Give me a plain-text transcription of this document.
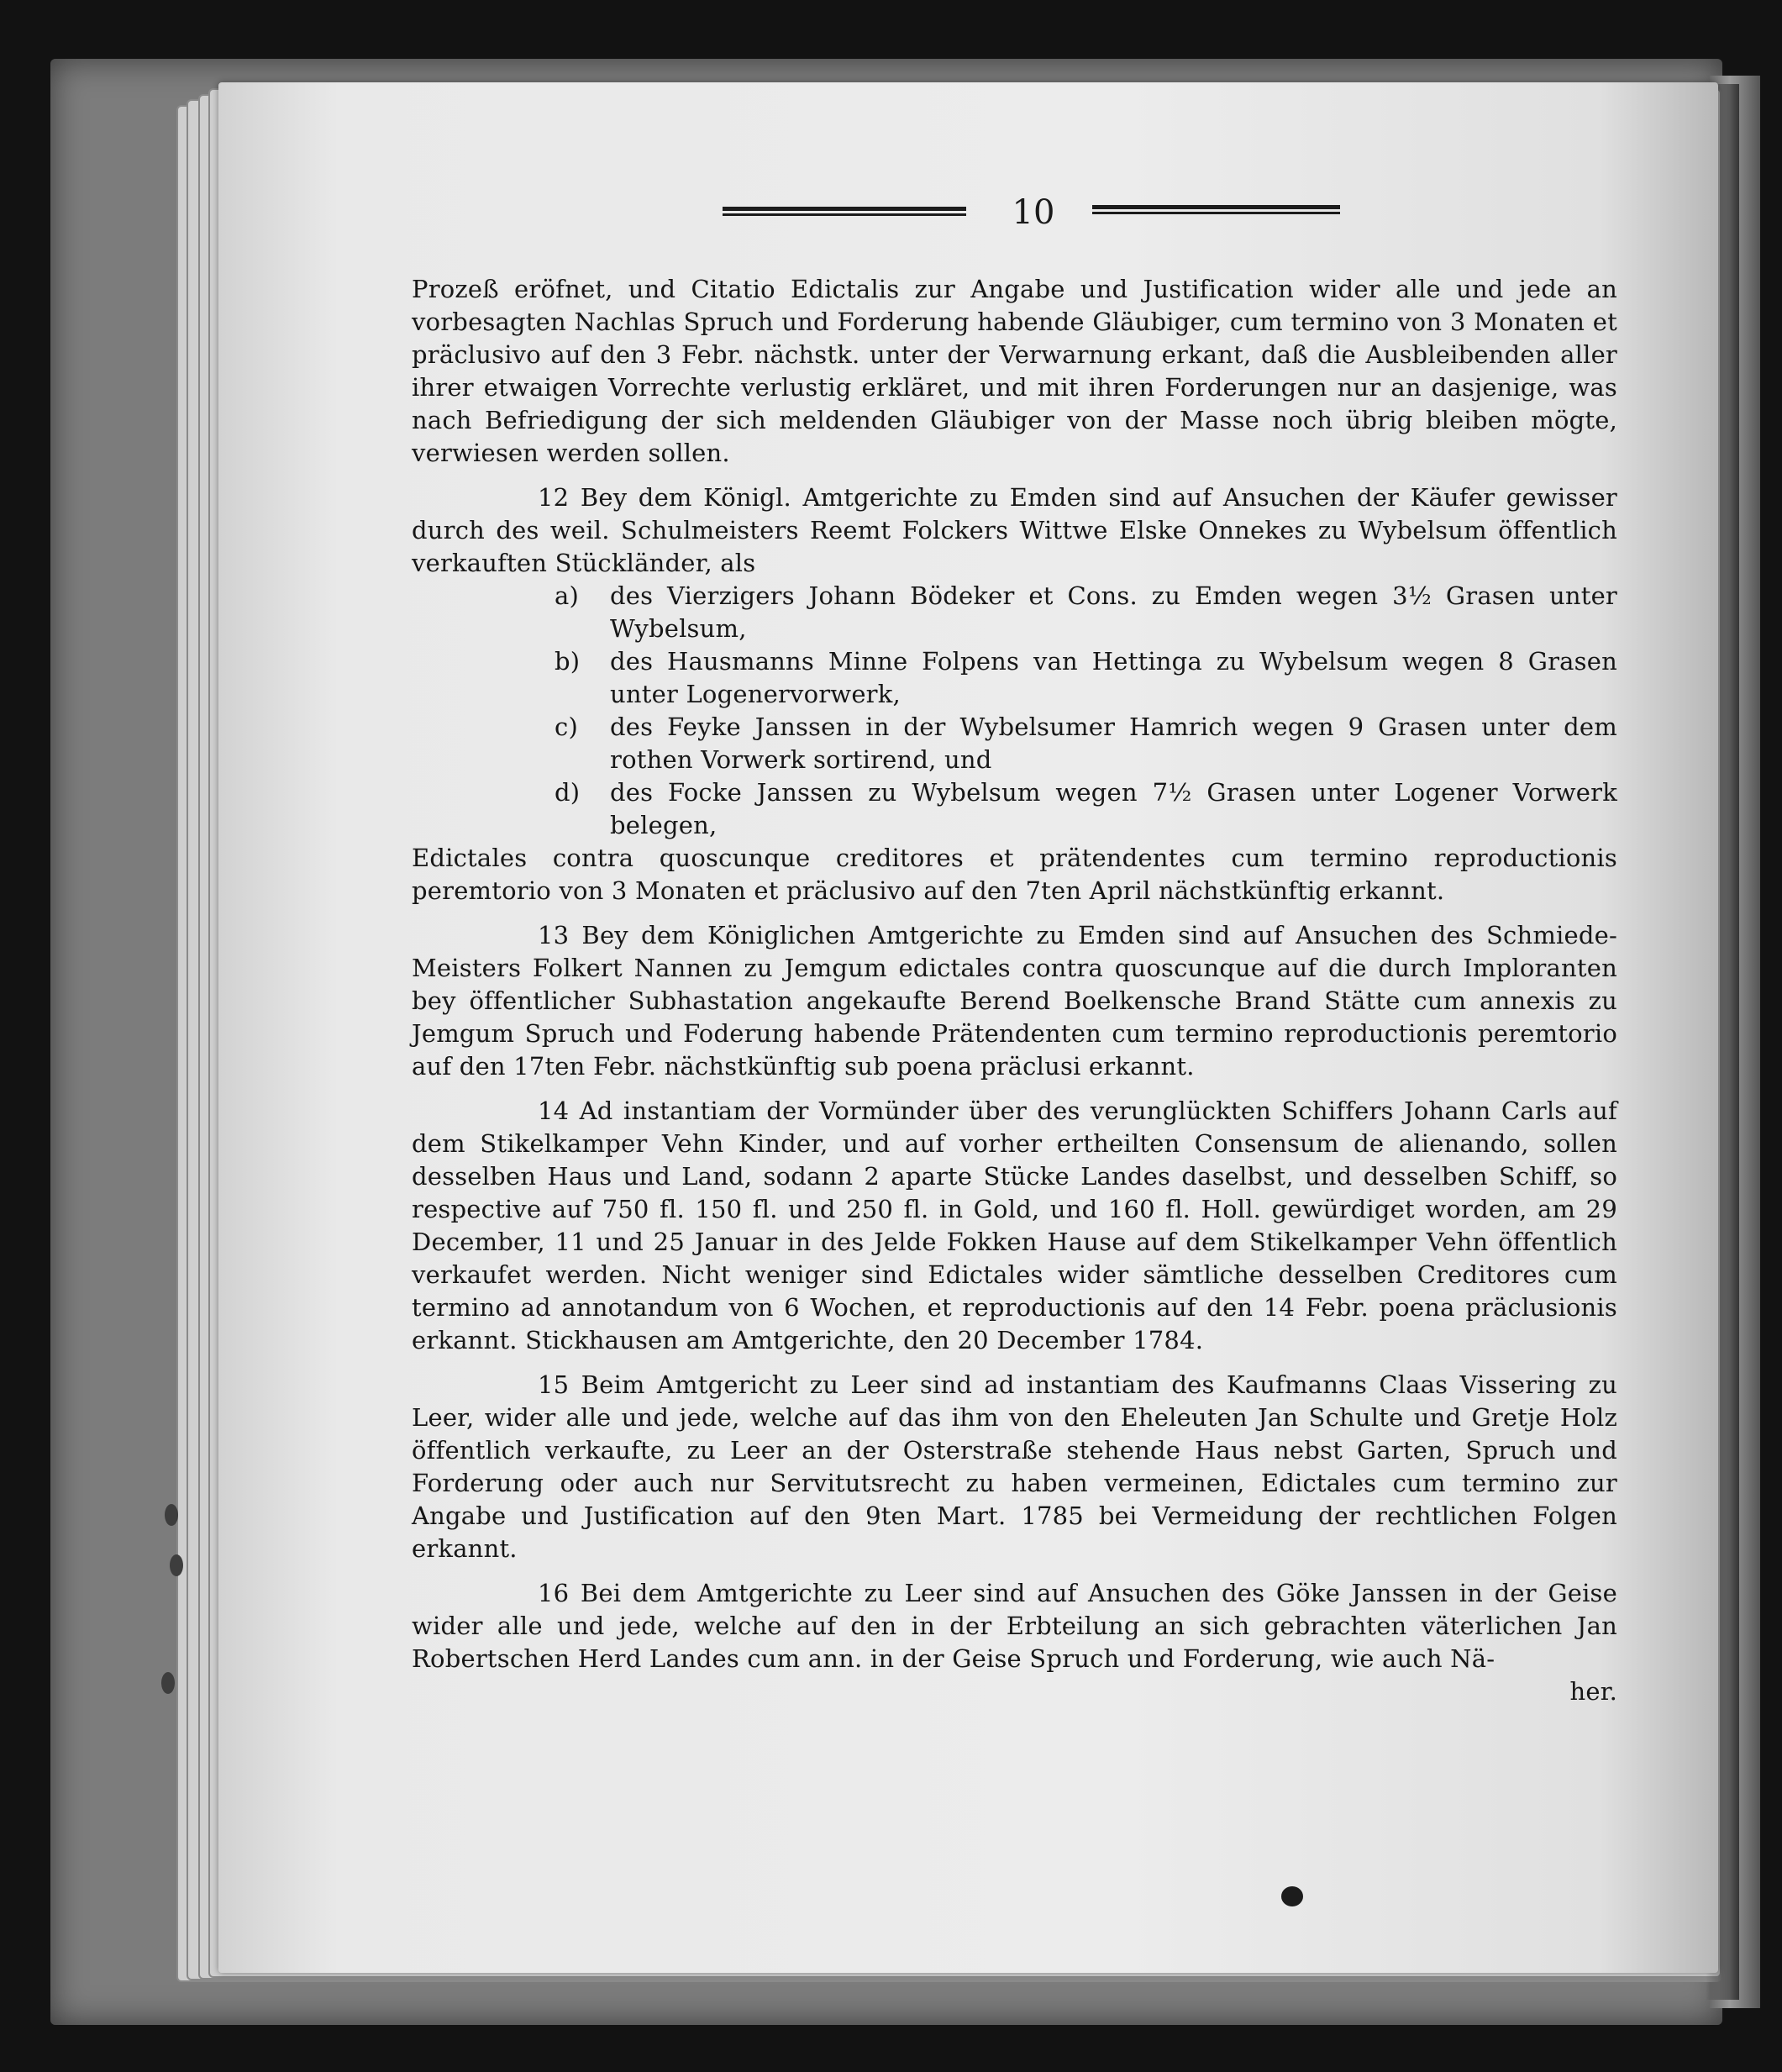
10

Prozeß eröfnet, und Citatio Edictalis zur Angabe und Justification wider alle und jede an vorbesagten Nachlas Spruch und Forderung habende Gläubiger, cum termino von 3 Monaten et präclusivo auf den 3 Febr. nächstk. unter der Verwarnung erkant, daß die Ausbleibenden aller ihrer etwaigen Vorrechte verlustig erkläret, und mit ihren Forderungen nur an dasjenige, was nach Befriedigung der sich meldenden Gläubiger von der Masse noch übrig bleiben mögte, verwiesen werden sollen.

12 Bey dem Königl. Amtgerichte zu Emden sind auf Ansuchen der Käufer gewisser durch des weil. Schulmeisters Reemt Folckers Wittwe Elske Onnekes zu Wybelsum öffentlich verkauften Stückländer, als

a) des Vierzigers Johann Bödeker et Cons. zu Emden wegen 3½ Grasen unter Wybelsum,
b) des Hausmanns Minne Folpens van Hettinga zu Wybelsum wegen 8 Grasen unter Logenervorwerk,
c) des Feyke Janssen in der Wybelsumer Hamrich wegen 9 Grasen unter dem rothen Vorwerk sortirend, und
d) des Focke Janssen zu Wybelsum wegen 7½ Grasen unter Logener Vorwerk belegen,

Edictales contra quoscunque creditores et prätendentes cum termino reproductionis peremtorio von 3 Monaten et präclusivo auf den 7ten April nächstkünftig erkannt.

13 Bey dem Königlichen Amtgerichte zu Emden sind auf Ansuchen des Schmiede-Meisters Folkert Nannen zu Jemgum edictales contra quoscunque auf die durch Imploranten bey öffentlicher Subhastation angekaufte Berend Boelkensche Brand Stätte cum annexis zu Jemgum Spruch und Foderung habende Prätendenten cum termino reproductionis peremtorio auf den 17ten Febr. nächstkünftig sub poena präclusi erkannt.

14 Ad instantiam der Vormünder über des verunglückten Schiffers Johann Carls auf dem Stikelkamper Vehn Kinder, und auf vorher ertheilten Consensum de alienando, sollen desselben Haus und Land, sodann 2 aparte Stücke Landes daselbst, und desselben Schiff, so respective auf 750 fl. 150 fl. und 250 fl. in Gold, und 160 fl. Holl. gewürdiget worden, am 29 December, 11 und 25 Januar in des Jelde Fokken Hause auf dem Stikelkamper Vehn öffentlich verkaufet werden. Nicht weniger sind Edictales wider sämtliche desselben Creditores cum termino ad annotandum von 6 Wochen, et reproductionis auf den 14 Febr. poena präclusionis erkannt. Stickhausen am Amtgerichte, den 20 December 1784.

15 Beim Amtgericht zu Leer sind ad instantiam des Kaufmanns Claas Vissering zu Leer, wider alle und jede, welche auf das ihm von den Eheleuten Jan Schulte und Gretje Holz öffentlich verkaufte, zu Leer an der Osterstraße stehende Haus nebst Garten, Spruch und Forderung oder auch nur Servitutsrecht zu haben vermeinen, Edictales cum termino zur Angabe und Justification auf den 9ten Mart. 1785 bei Vermeidung der rechtlichen Folgen erkannt.

16 Bei dem Amtgerichte zu Leer sind auf Ansuchen des Göke Janssen in der Geise wider alle und jede, welche auf den in der Erbteilung an sich gebrachten väterlichen Jan Robertschen Herd Landes cum ann. in der Geise Spruch und Forderung, wie auch Nä-

her.
